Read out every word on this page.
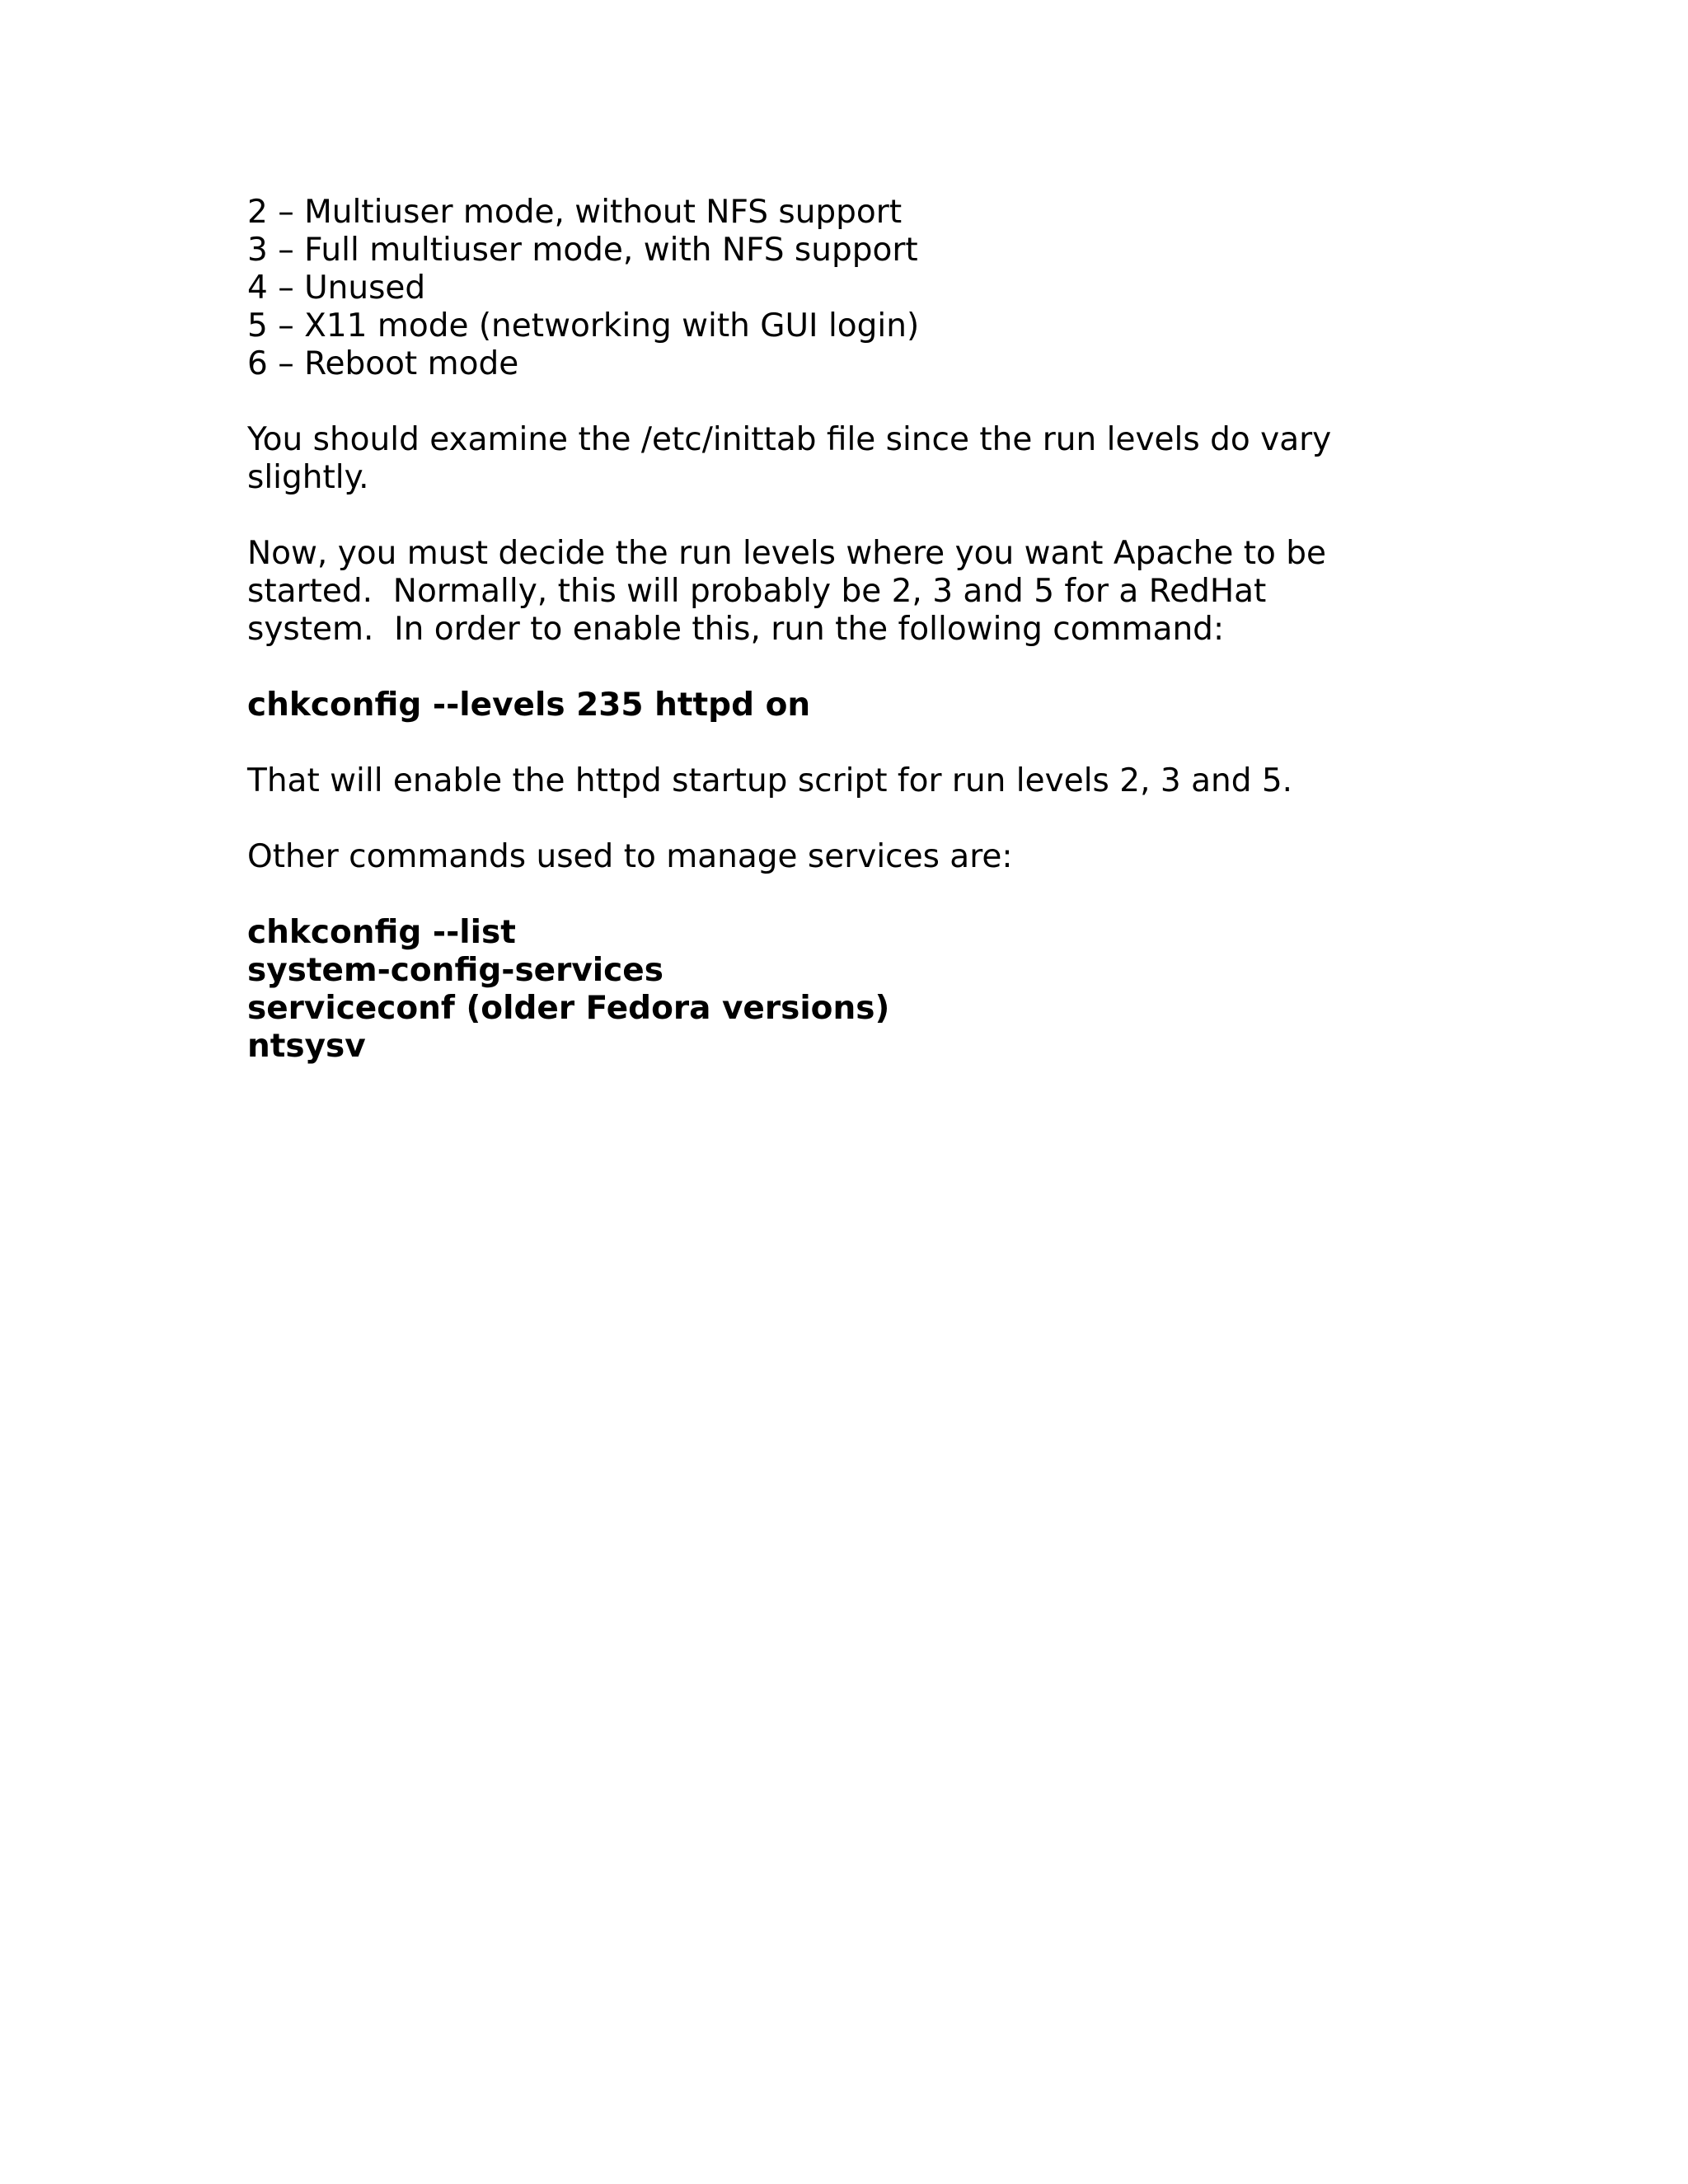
2 – Multiuser mode, without NFS support
3 – Full multiuser mode, with NFS support
4 – Unused
5 – X11 mode (networking with GUI login)
6 – Reboot mode
You should examine the /etc/inittab file since the run levels do vary
slightly.
Now, you must decide the run levels where you want Apache to be
started.  Normally, this will probably be 2, 3 and 5 for a RedHat
system.  In order to enable this, run the following command:
chkconfig --levels 235 httpd on
That will enable the httpd startup script for run levels 2, 3 and 5.
Other commands used to manage services are:
chkconfig --list
system-config-services
serviceconf (older Fedora versions)
ntsysv
